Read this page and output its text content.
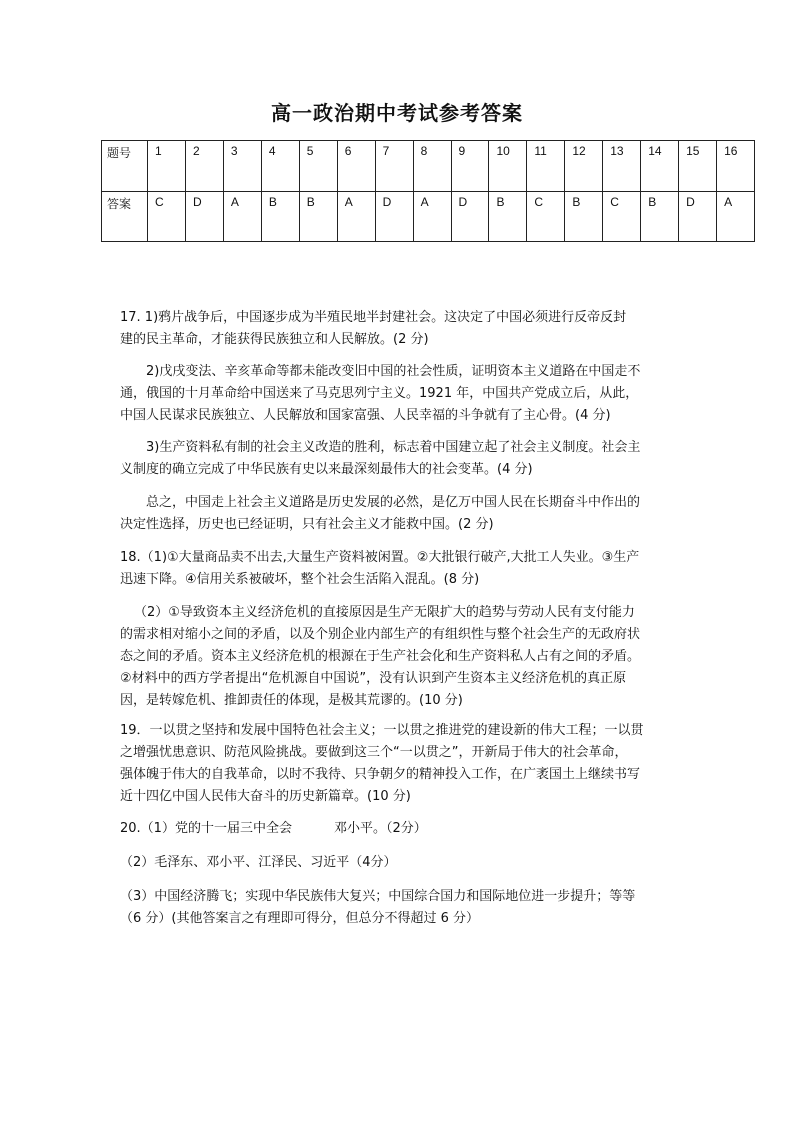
高一政治期中考试参考答案
题号	1	2	3	4	5	6	7	8	9	10	11	12	13	14	15	16
答案	C	D	A	B	B	A	D	A	D	B	C	B	C	B	D	A
17. 1)鸦片战争后，中国逐步成为半殖民地半封建社会。这决定了中国必须进行反帝反封
建的民主革命，才能获得民族独立和人民解放。(2 分)
2)戊戌变法、辛亥革命等都未能改变旧中国的社会性质，证明资本主义道路在中国走不
通，俄国的十月革命给中国送来了马克思列宁主义。1921 年，中国共产党成立后，从此，
中国人民谋求民族独立、人民解放和国家富强、人民幸福的斗争就有了主心骨。(4 分)
3)生产资料私有制的社会主义改造的胜利，标志着中国建立起了社会主义制度。社会主
义制度的确立完成了中华民族有史以来最深刻最伟大的社会变革。(4 分)
总之，中国走上社会主义道路是历史发展的必然，是亿万中国人民在长期奋斗中作出的
决定性选择，历史也已经证明，只有社会主义才能救中国。(2 分)
18.（1)①大量商品卖不出去,大量生产资料被闲置。②大批银行破产,大批工人失业。③生产
迅速下降。④信用关系被破坏，整个社会生活陷入混乱。(8 分)
（2）①导致资本主义经济危机的直接原因是生产无限扩大的趋势与劳动人民有支付能力
的需求相对缩小之间的矛盾，以及个别企业内部生产的有组织性与整个社会生产的无政府状
态之间的矛盾。资本主义经济危机的根源在于生产社会化和生产资料私人占有之间的矛盾。
②材料中的西方学者提出“危机源自中国说”，没有认识到产生资本主义经济危机的真正原
因，是转嫁危机、推卸责任的体现，是极其荒谬的。(10 分)
19．一以贯之坚持和发展中国特色社会主义；一以贯之推进党的建设新的伟大工程；一以贯
之增强忧患意识、防范风险挑战。要做到这三个“一以贯之”，开新局于伟大的社会革命，
强体魄于伟大的自我革命，以时不我待、只争朝夕的精神投入工作，在广袤国土上继续书写
近十四亿中国人民伟大奋斗的历史新篇章。(10 分)
20.（1）党的十一届三中全会	邓小平。（2分）
（2）毛泽东、邓小平、江泽民、习近平（4分）
（3）中国经济腾飞；实现中华民族伟大复兴；中国综合国力和国际地位进一步提升；等等
（6 分）(其他答案言之有理即可得分，但总分不得超过 6 分）
